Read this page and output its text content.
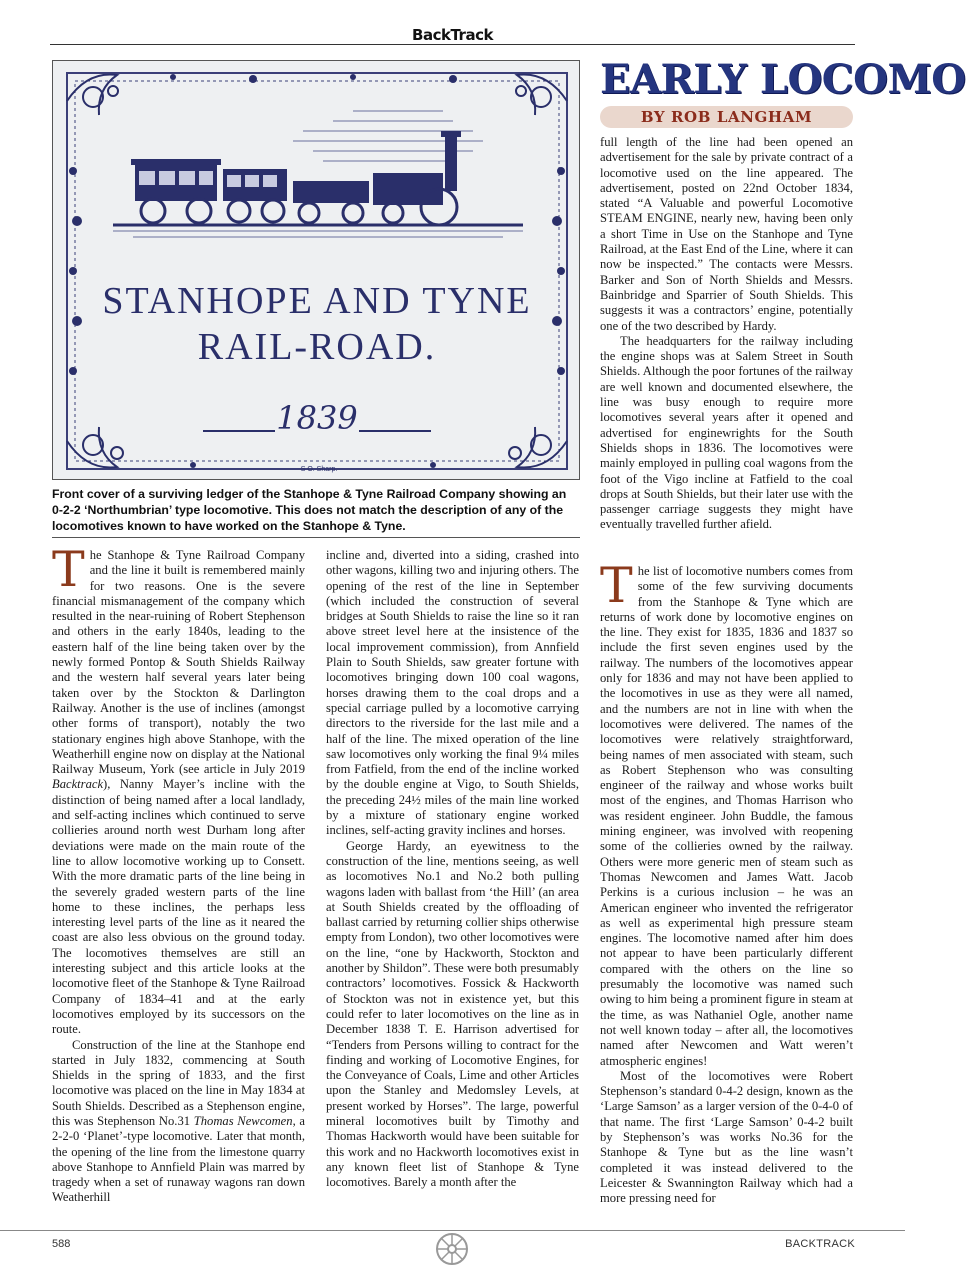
BackTrack
STANHOPE AND TYNE
RAIL-ROAD.
1839
S O. Sharp.
Front cover of a surviving ledger of the Stanhope & Tyne Railroad Company showing an 0-2-2 ‘Northumbrian’ type locomotive. This does not match the description of any of the locomotives known to have worked on the Stanhope & Tyne.
EARLY LOCOMO
BY ROB LANGHAM

The Stanhope & Tyne Railroad Company and the line it built is remembered mainly for two reasons. One is the severe financial mismanagement of the company which resulted in the near-ruining of Robert Stephenson and others in the early 1840s, leading to the eastern half of the line being taken over by the newly formed Pontop & South Shields Railway and the western half several years later being taken over by the Stockton & Darlington Railway. Another is the use of inclines (amongst other forms of transport), notably the two stationary engines high above Stanhope, with the Weatherhill engine now on display at the National Railway Museum, York (see article in July 2019 Backtrack), Nanny Mayer’s incline with the distinction of being named after a local landlady, and self-acting inclines which continued to serve collieries around north west Durham long after deviations were made on the main route of the line to allow locomotive working up to Consett. With the more dramatic parts of the line being in the severely graded western parts of the line home to these inclines, the perhaps less interesting level parts of the line as it neared the coast are also less obvious on the ground today. The locomotives themselves are still an interesting subject and this article looks at the locomotive fleet of the Stanhope & Tyne Railroad Company of 1834–41 and at the early locomotives employed by its successors on the route.

Construction of the line at the Stanhope end started in July 1832, commencing at South Shields in the spring of 1833, and the first locomotive was placed on the line in May 1834 at South Shields. Described as a Stephenson engine, this was Stephenson No.31 Thomas Newcomen, a 2-2-0 ‘Planet’-type locomotive. Later that month, the opening of the line from the limestone quarry above Stanhope to Annfield Plain was marred by tragedy when a set of runaway wagons ran down Weatherhill

incline and, diverted into a siding, crashed into other wagons, killing two and injuring others. The opening of the rest of the line in September (which included the construction of several bridges at South Shields to raise the line so it ran above street level here at the insistence of the local improvement commission), from Annfield Plain to South Shields, saw greater fortune with locomotives bringing down 100 coal wagons, horses drawing them to the coal drops and a special carriage pulled by a locomotive carrying directors to the riverside for the last mile and a half of the line. The mixed operation of the line saw locomotives only working the final 9¼ miles from Fatfield, from the end of the incline worked by the double engine at Vigo, to South Shields, the preceding 24½ miles of the main line worked by a mixture of stationary engine worked inclines, self-acting gravity inclines and horses.

George Hardy, an eyewitness to the construction of the line, mentions seeing, as well as locomotives No.1 and No.2 both pulling wagons laden with ballast from ‘the Hill’ (an area at South Shields created by the offloading of ballast carried by returning collier ships otherwise empty from London), two other locomotives were on the line, “one by Hackworth, Stockton and another by Shildon”. These were both presumably contractors’ locomotives. Fossick & Hackworth of Stockton was not in existence yet, but this could refer to later locomotives on the line as in December 1838 T. E. Harrison advertised for “Tenders from Persons willing to contract for the finding and working of Locomotive Engines, for the Conveyance of Coals, Lime and other Articles upon the Stanley and Medomsley Levels, at present worked by Horses”. The large, powerful mineral locomotives built by Timothy and Thomas Hackworth would have been suitable for this work and no Hackworth locomotives exist in any known fleet list of Stanhope & Tyne locomotives. Barely a month after the

full length of the line had been opened an advertisement for the sale by private contract of a locomotive used on the line appeared. The advertisement, posted on 22nd October 1834, stated “A Valuable and powerful Locomotive STEAM ENGINE, nearly new, having been only a short Time in Use on the Stanhope and Tyne Railroad, at the East End of the Line, where it can now be inspected.” The contacts were Messrs. Barker and Son of North Shields and Messrs. Bainbridge and Sparrier of South Shields. This suggests it was a contractors’ engine, potentially one of the two described by Hardy.

The headquarters for the railway including the engine shops was at Salem Street in South Shields. Although the poor fortunes of the railway are well known and documented elsewhere, the line was busy enough to require more locomotives several years after it opened and advertised for enginewrights for the South Shields shops in 1836. The locomotives were mainly employed in pulling coal wagons from the foot of the Vigo incline at Fatfield to the coal drops at South Shields, but their later use with the passenger carriage suggests they might have eventually travelled further afield.

The list of locomotive numbers comes from some of the few surviving documents from the Stanhope & Tyne which are returns of work done by locomotive engines on the line. They exist for 1835, 1836 and 1837 so include the first seven engines used by the railway. The numbers of the locomotives appear only for 1836 and may not have been applied to the locomotives in use as they were all named, and the numbers are not in line with when the locomotives were delivered. The names of the locomotives were relatively straightforward, being names of men associated with steam, such as Robert Stephenson who was consulting engineer of the railway and whose works built most of the engines, and Thomas Harrison who was resident engineer. John Buddle, the famous mining engineer, was involved with reopening some of the collieries owned by the railway. Others were more generic men of steam such as Thomas Newcomen and James Watt. Jacob Perkins is a curious inclusion – he was an American engineer who invented the refrigerator as well as experimental high pressure steam engines. The locomotive named after him does not appear to have been particularly different compared with the others on the line so presumably the locomotive was named such owing to him being a prominent figure in steam at the time, as was Nathaniel Ogle, another name not well known today – after all, the locomotives named after Newcomen and Watt weren’t atmospheric engines!

Most of the locomotives were Robert Stephenson’s standard 0-4-2 design, known as the ‘Large Samson’ as a larger version of the 0-4-0 of that name. The first ‘Large Samson’ 0-4-2 built by Stephenson’s was works No.36 for the Stanhope & Tyne but as the line wasn’t completed it was instead delivered to the Leicester & Swannington Railway which had a more pressing need for

588	BACKTRACK
